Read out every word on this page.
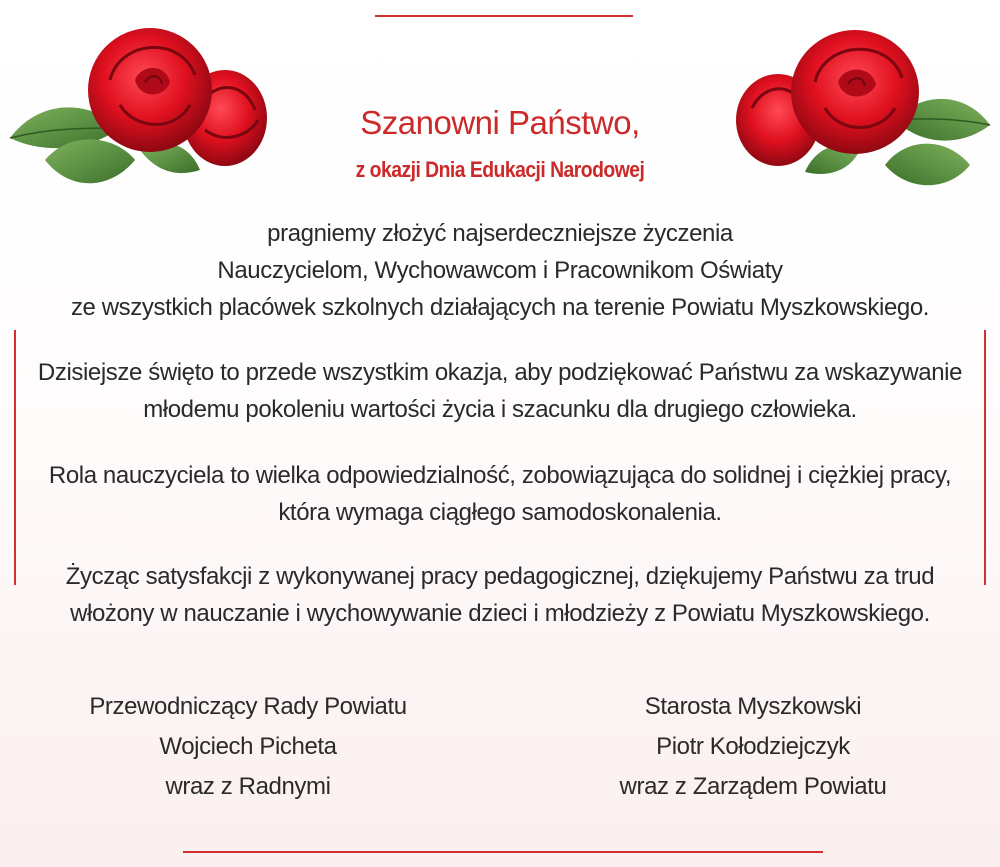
Szanowni Państwo,
z okazji Dnia Edukacji Narodowej
pragniemy złożyć najserdeczniejsze życzenia
Nauczycielom, Wychowawcom i Pracownikom Oświaty
ze wszystkich placówek szkolnych działających na terenie Powiatu Myszkowskiego.
Dzisiejsze święto to przede wszystkim okazja, aby podziękować Państwu za wskazywanie
młodemu pokoleniu wartości życia i szacunku dla drugiego człowieka.
Rola nauczyciela to wielka odpowiedzialność, zobowiązująca do solidnej i ciężkiej pracy,
która wymaga ciągłego samodoskonalenia.
Życząc satysfakcji z wykonywanej pracy pedagogicznej, dziękujemy Państwu za trud
włożony w nauczanie i wychowywanie dzieci i młodzieży z Powiatu Myszkowskiego.
Przewodniczący Rady Powiatu
Wojciech Picheta
wraz z Radnymi
Starosta Myszkowski
Piotr Kołodziejczyk
wraz z Zarządem Powiatu
